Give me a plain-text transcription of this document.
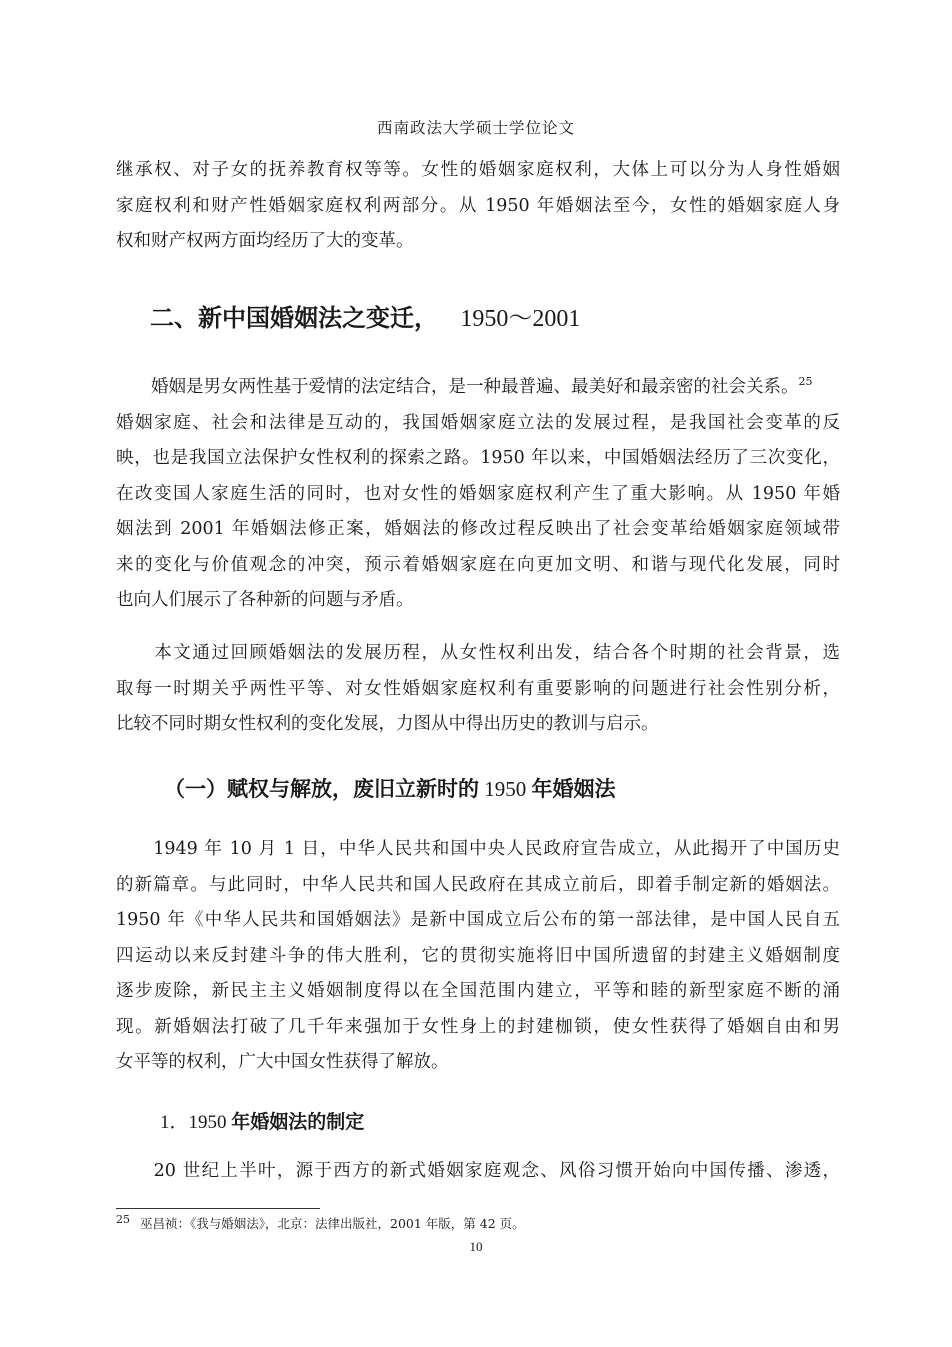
西南政法大学硕士学位论文

继承权、对子女的抚养教育权等等。女性的婚姻家庭权利，大体上可以分为人身性婚姻
家庭权利和财产性婚姻家庭权利两部分。从 1950 年婚姻法至今，女性的婚姻家庭人身
权和财产权两方面均经历了大的变革。

二、新中国婚姻法之变迁， 1950～2001

　　婚姻是男女两性基于爱情的法定结合，是一种最普遍、最美好和最亲密的社会关系。$^{25}$
婚姻家庭、社会和法律是互动的，我国婚姻家庭立法的发展过程，是我国社会变革的反
映，也是我国立法保护女性权利的探索之路。1950 年以来，中国婚姻法经历了三次变化，
在改变国人家庭生活的同时，也对女性的婚姻家庭权利产生了重大影响。从 1950 年婚
姻法到 2001 年婚姻法修正案，婚姻法的修改过程反映出了社会变革给婚姻家庭领域带
来的变化与价值观念的冲突，预示着婚姻家庭在向更加文明、和谐与现代化发展，同时
也向人们展示了各种新的问题与矛盾。

　　本文通过回顾婚姻法的发展历程，从女性权利出发，结合各个时期的社会背景，选
取每一时期关乎两性平等、对女性婚姻家庭权利有重要影响的问题进行社会性别分析，
比较不同时期女性权利的变化发展，力图从中得出历史的教训与启示。

（一）赋权与解放，废旧立新时的 1950 年婚姻法

　　1949 年 10 月 1 日，中华人民共和国中央人民政府宣告成立，从此揭开了中国历史
的新篇章。与此同时，中华人民共和国人民政府在其成立前后，即着手制定新的婚姻法。
1950 年《中华人民共和国婚姻法》是新中国成立后公布的第一部法律，是中国人民自五
四运动以来反封建斗争的伟大胜利，它的贯彻实施将旧中国所遗留的封建主义婚姻制度
逐步废除，新民主主义婚姻制度得以在全国范围内建立，平等和睦的新型家庭不断的涌
现。新婚姻法打破了几千年来强加于女性身上的封建枷锁，使女性获得了婚姻自由和男
女平等的权利，广大中国女性获得了解放。

1．1950 年婚姻法的制定

　　20 世纪上半叶，源于西方的新式婚姻家庭观念、风俗习惯开始向中国传播、渗透，

$^{25}$ 巫昌祯：《我与婚姻法》，北京：法律出版社，2001 年版，第 42 页。
10
